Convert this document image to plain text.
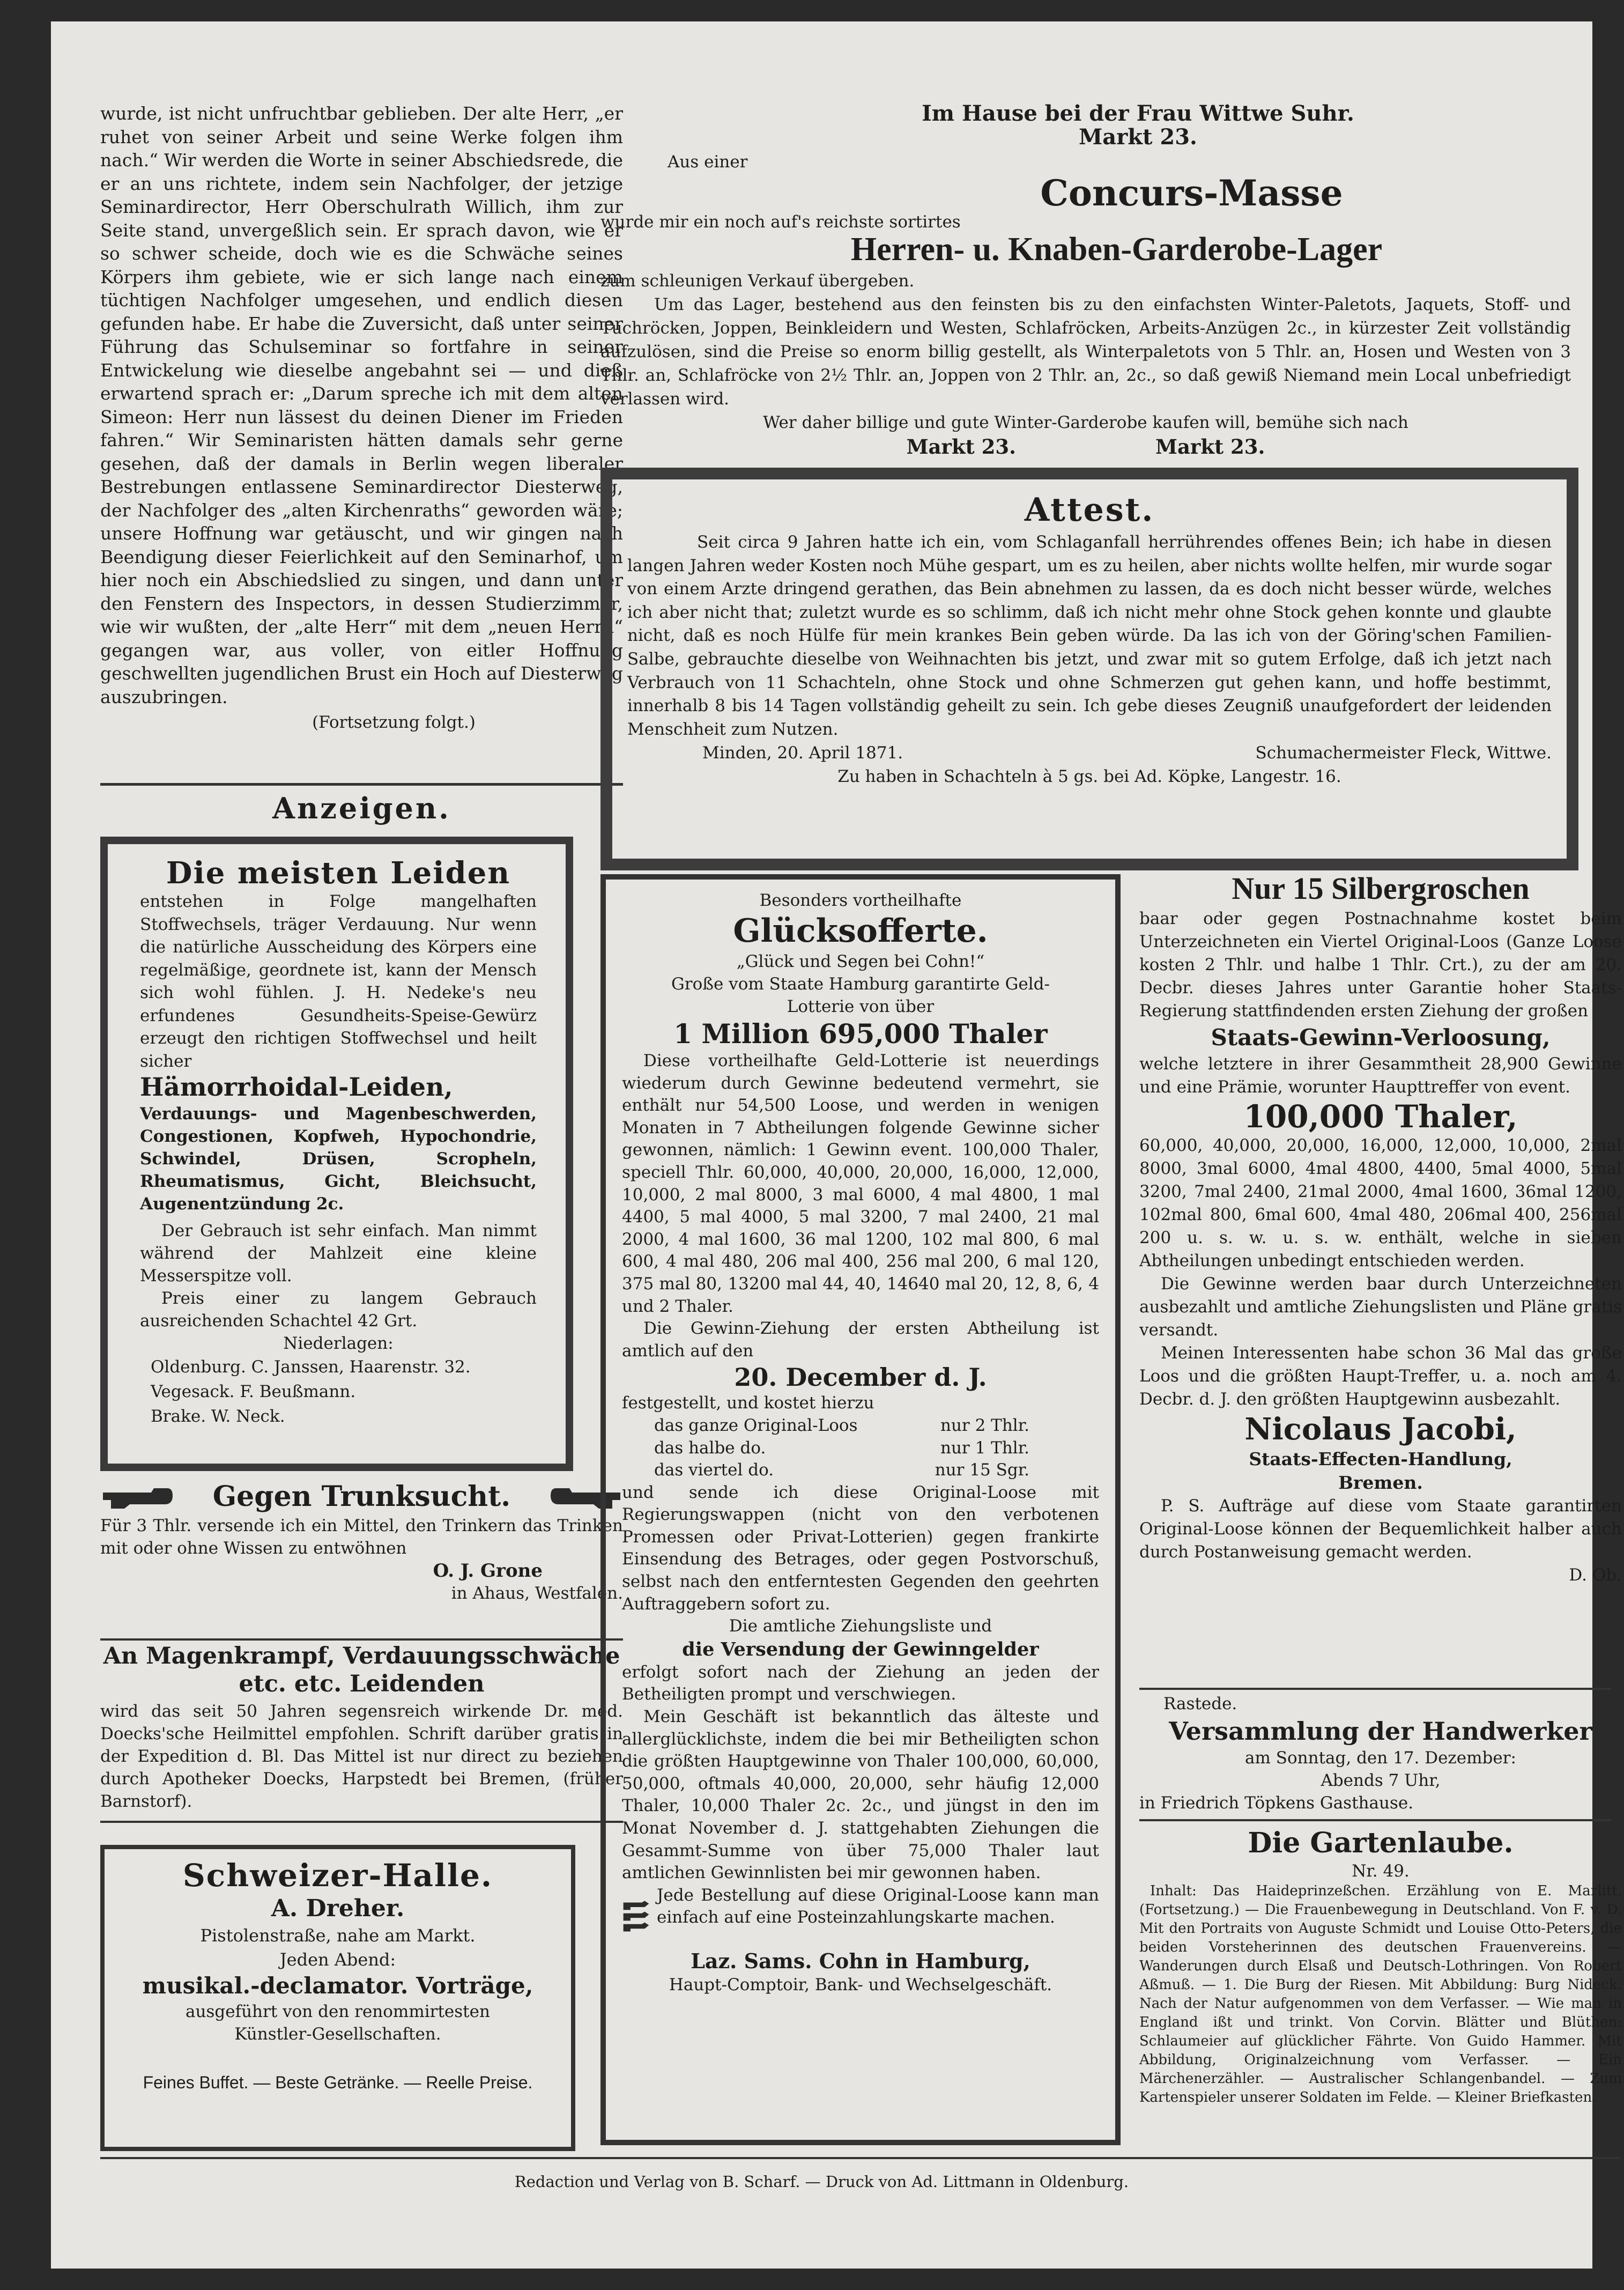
wurde, ist nicht unfruchtbar geblieben. Der alte Herr, „er ruhet von seiner Arbeit und seine Werke folgen ihm nach.“ Wir werden die Worte in seiner Abschiedsrede, die er an uns richtete, indem sein Nachfolger, der jetzige Seminardirector, Herr Oberschulrath Willich, ihm zur Seite stand, unvergeßlich sein. Er sprach davon, wie er so schwer scheide, doch wie es die Schwäche seines Körpers ihm gebiete, wie er sich lange nach einem tüchtigen Nachfolger umgesehen, und endlich diesen gefunden habe. Er habe die Zuversicht, daß unter seiner Führung das Schulseminar so fortfahre in seiner Entwickelung wie dieselbe angebahnt sei — und dieß erwartend sprach er: „Darum spreche ich mit dem alten Simeon: Herr nun lässest du deinen Diener im Frieden fahren.“ Wir Seminaristen hätten damals sehr gerne gesehen, daß der damals in Berlin wegen liberaler Bestrebungen entlassene Seminardirector Diesterweg, der Nachfolger des „alten Kirchenraths“ geworden wäre; unsere Hoffnung war getäuscht, und wir gingen nach Beendigung dieser Feierlichkeit auf den Seminarhof, um hier noch ein Abschiedslied zu singen, und dann unter den Fenstern des Inspectors, in dessen Studierzimmer, wie wir wußten, der „alte Herr“ mit dem „neuen Herrn“ gegangen war, aus voller, von eitler Hoffnung geschwellten jugendlichen Brust ein Hoch auf Diesterweg auszubringen.

(Fortsetzung folgt.)

Anzeigen.

Die meisten Leiden

entstehen in Folge mangelhaften Stoffwechsels, träger Verdauung. Nur wenn die natürliche Ausscheidung des Körpers eine regelmäßige, geordnete ist, kann der Mensch sich wohl fühlen. J. H. Nedeke's neu erfundenes Gesundheits-Speise-Gewürz erzeugt den richtigen Stoffwechsel und heilt sicher

Hämorrhoidal-Leiden,

Verdauungs- und Magenbeschwerden, Congestionen, Kopfweh, Hypochondrie, Schwindel, Drüsen, Scropheln, Rheumatismus, Gicht, Bleichsucht, Augenentzündung 2c.

Der Gebrauch ist sehr einfach. Man nimmt während der Mahlzeit eine kleine Messerspitze voll.

Preis einer zu langem Gebrauch ausreichenden Schachtel 42 Grt.

Niederlagen:

Oldenburg. C. Janssen, Haarenstr. 32.

Vegesack. F. Beußmann.

Brake. W. Neck.

Gegen Trunksucht.

Für 3 Thlr. versende ich ein Mittel, den Trinkern das Trinken mit oder ohne Wissen zu entwöhnen

O. J. Grone

in Ahaus, Westfalen.

An Magenkrampf, Verdauungsschwäche etc. etc. Leidenden

wird das seit 50 Jahren segensreich wirkende Dr. med. Doecks'sche Heilmittel empfohlen. Schrift darüber gratis in der Expedition d. Bl. Das Mittel ist nur direct zu beziehen durch Apotheker Doecks, Harpstedt bei Bremen, (früher Barnstorf).

Schweizer-Halle.

A. Dreher.

Pistolenstraße, nahe am Markt.

Jeden Abend:

musikal.-declamator. Vorträge,

ausgeführt von den renommirtesten Künstler-Gesellschaften.

Feines Buffet. — Beste Getränke. — Reelle Preise.

Im Hause bei der Frau Wittwe Suhr.

Markt 23.

Aus einer

Concurs-Masse

wurde mir ein noch auf's reichste sortirtes

Herren- u. Knaben-Garderobe-Lager

zum schleunigen Verkauf übergeben.

Um das Lager, bestehend aus den feinsten bis zu den einfachsten Winter-Paletots, Jaquets, Stoff- und Tuchröcken, Joppen, Beinkleidern und Westen, Schlafröcken, Arbeits-Anzügen 2c., in kürzester Zeit vollständig aufzulösen, sind die Preise so enorm billig gestellt, als Winterpaletots von 5 Thlr. an, Hosen und Westen von 3 Thlr. an, Schlafröcke von 2½ Thlr. an, Joppen von 2 Thlr. an, 2c., so daß gewiß Niemand mein Local unbefriedigt verlassen wird.

Wer daher billige und gute Winter-Garderobe kaufen will, bemühe sich nach

Markt 23.	Markt 23.

Attest.

Seit circa 9 Jahren hatte ich ein, vom Schlaganfall herrührendes offenes Bein; ich habe in diesen langen Jahren weder Kosten noch Mühe gespart, um es zu heilen, aber nichts wollte helfen, mir wurde sogar von einem Arzte dringend gerathen, das Bein abnehmen zu lassen, da es doch nicht besser würde, welches ich aber nicht that; zuletzt wurde es so schlimm, daß ich nicht mehr ohne Stock gehen konnte und glaubte nicht, daß es noch Hülfe für mein krankes Bein geben würde. Da las ich von der Göring'schen Familien-Salbe, gebrauchte dieselbe von Weihnachten bis jetzt, und zwar mit so gutem Erfolge, daß ich jetzt nach Verbrauch von 11 Schachteln, ohne Stock und ohne Schmerzen gut gehen kann, und hoffe bestimmt, innerhalb 8 bis 14 Tagen vollständig geheilt zu sein. Ich gebe dieses Zeugniß unaufgefordert der leidenden Menschheit zum Nutzen.

Minden, 20. April 1871.	Schumachermeister Fleck, Wittwe.

Zu haben in Schachteln à 5 gs. bei Ad. Köpke, Langestr. 16.

Besonders vortheilhafte

Glücksofferte.

„Glück und Segen bei Cohn!“

Große vom Staate Hamburg garantirte Geld-Lotterie von über

1 Million 695,000 Thaler

Diese vortheilhafte Geld-Lotterie ist neuerdings wiederum durch Gewinne bedeutend vermehrt, sie enthält nur 54,500 Loose, und werden in wenigen Monaten in 7 Abtheilungen folgende Gewinne sicher gewonnen, nämlich: 1 Gewinn event. 100,000 Thaler, speciell Thlr. 60,000, 40,000, 20,000, 16,000, 12,000, 10,000, 2 mal 8000, 3 mal 6000, 4 mal 4800, 1 mal 4400, 5 mal 4000, 5 mal 3200, 7 mal 2400, 21 mal 2000, 4 mal 1600, 36 mal 1200, 102 mal 800, 6 mal 600, 4 mal 480, 206 mal 400, 256 mal 200, 6 mal 120, 375 mal 80, 13200 mal 44, 40, 14640 mal 20, 12, 8, 6, 4 und 2 Thaler.

Die Gewinn-Ziehung der ersten Abtheilung ist amtlich auf den

20. December d. J.

festgestellt, und kostet hierzu

das ganze Original-Loos	nur 2 Thlr.
das halbe do.	nur 1 Thlr.
das viertel do.	nur 15 Sgr.

und sende ich diese Original-Loose mit Regierungswappen (nicht von den verbotenen Promessen oder Privat-Lotterien) gegen frankirte Einsendung des Betrages, oder gegen Postvorschuß, selbst nach den entferntesten Gegenden den geehrten Auftraggebern sofort zu.

Die amtliche Ziehungsliste und

die Versendung der Gewinngelder

erfolgt sofort nach der Ziehung an jeden der Betheiligten prompt und verschwiegen.

Mein Geschäft ist bekanntlich das älteste und allerglücklichste, indem die bei mir Betheiligten schon die größten Hauptgewinne von Thaler 100,000, 60,000, 50,000, oftmals 40,000, 20,000, sehr häufig 12,000 Thaler, 10,000 Thaler 2c. 2c., und jüngst in den im Monat November d. J. stattgehabten Ziehungen die Gesammt-Summe von über 75,000 Thaler laut amtlichen Gewinnlisten bei mir gewonnen haben.

Jede Bestellung auf diese Original-Loose kann man einfach auf eine Posteinzahlungskarte machen.

Laz. Sams. Cohn in Hamburg,

Haupt-Comptoir, Bank- und Wechselgeschäft.

Nur 15 Silbergroschen

baar oder gegen Postnachnahme kostet beim Unterzeichneten ein Viertel Original-Loos (Ganze Loose kosten 2 Thlr. und halbe 1 Thlr. Crt.), zu der am 20. Decbr. dieses Jahres unter Garantie hoher Staats-Regierung stattfindenden ersten Ziehung der großen

Staats-Gewinn-Verloosung,

welche letztere in ihrer Gesammtheit 28,900 Gewinne und eine Prämie, worunter Haupttreffer von event.

100,000 Thaler,

60,000, 40,000, 20,000, 16,000, 12,000, 10,000, 2mal 8000, 3mal 6000, 4mal 4800, 4400, 5mal 4000, 5mal 3200, 7mal 2400, 21mal 2000, 4mal 1600, 36mal 1200, 102mal 800, 6mal 600, 4mal 480, 206mal 400, 256mal 200 u. s. w. u. s. w. enthält, welche in sieben Abtheilungen unbedingt entschieden werden.

Die Gewinne werden baar durch Unterzeichneten ausbezahlt und amtliche Ziehungslisten und Pläne gratis versandt.

Meinen Interessenten habe schon 36 Mal das große Loos und die größten Haupt-Treffer, u. a. noch am 4. Decbr. d. J. den größten Hauptgewinn ausbezahlt.

Nicolaus Jacobi,

Staats-Effecten-Handlung,

Bremen.

P. S. Aufträge auf diese vom Staate garantirten Original-Loose können der Bequemlichkeit halber auch durch Postanweisung gemacht werden.

D. Ob.

Rastede.

Versammlung der Handwerker

am Sonntag, den 17. Dezember:

Abends 7 Uhr,

in Friedrich Töpkens Gasthause.

Die Gartenlaube.

Nr. 49.

Inhalt: Das Haideprinzeßchen. Erzählung von E. Marlitt. (Fortsetzung.) — Die Frauenbewegung in Deutschland. Von F. v. D. Mit den Portraits von Auguste Schmidt und Louise Otto-Peters, die beiden Vorsteherinnen des deutschen Frauenvereins. — Wanderungen durch Elsaß und Deutsch-Lothringen. Von Robert Aßmuß. — 1. Die Burg der Riesen. Mit Abbildung: Burg Nideck. Nach der Natur aufgenommen von dem Verfasser. — Wie man in England ißt und trinkt. Von Corvin. Blätter und Blüthen: Schlaumeier auf glücklicher Fährte. Von Guido Hammer. Mit Abbildung, Originalzeichnung vom Verfasser. — Ein Märchenerzähler. — Australischer Schlangenbandel. — Zum Kartenspieler unserer Soldaten im Felde. — Kleiner Briefkasten.

Redaction und Verlag von B. Scharf. — Druck von Ad. Littmann in Oldenburg.
